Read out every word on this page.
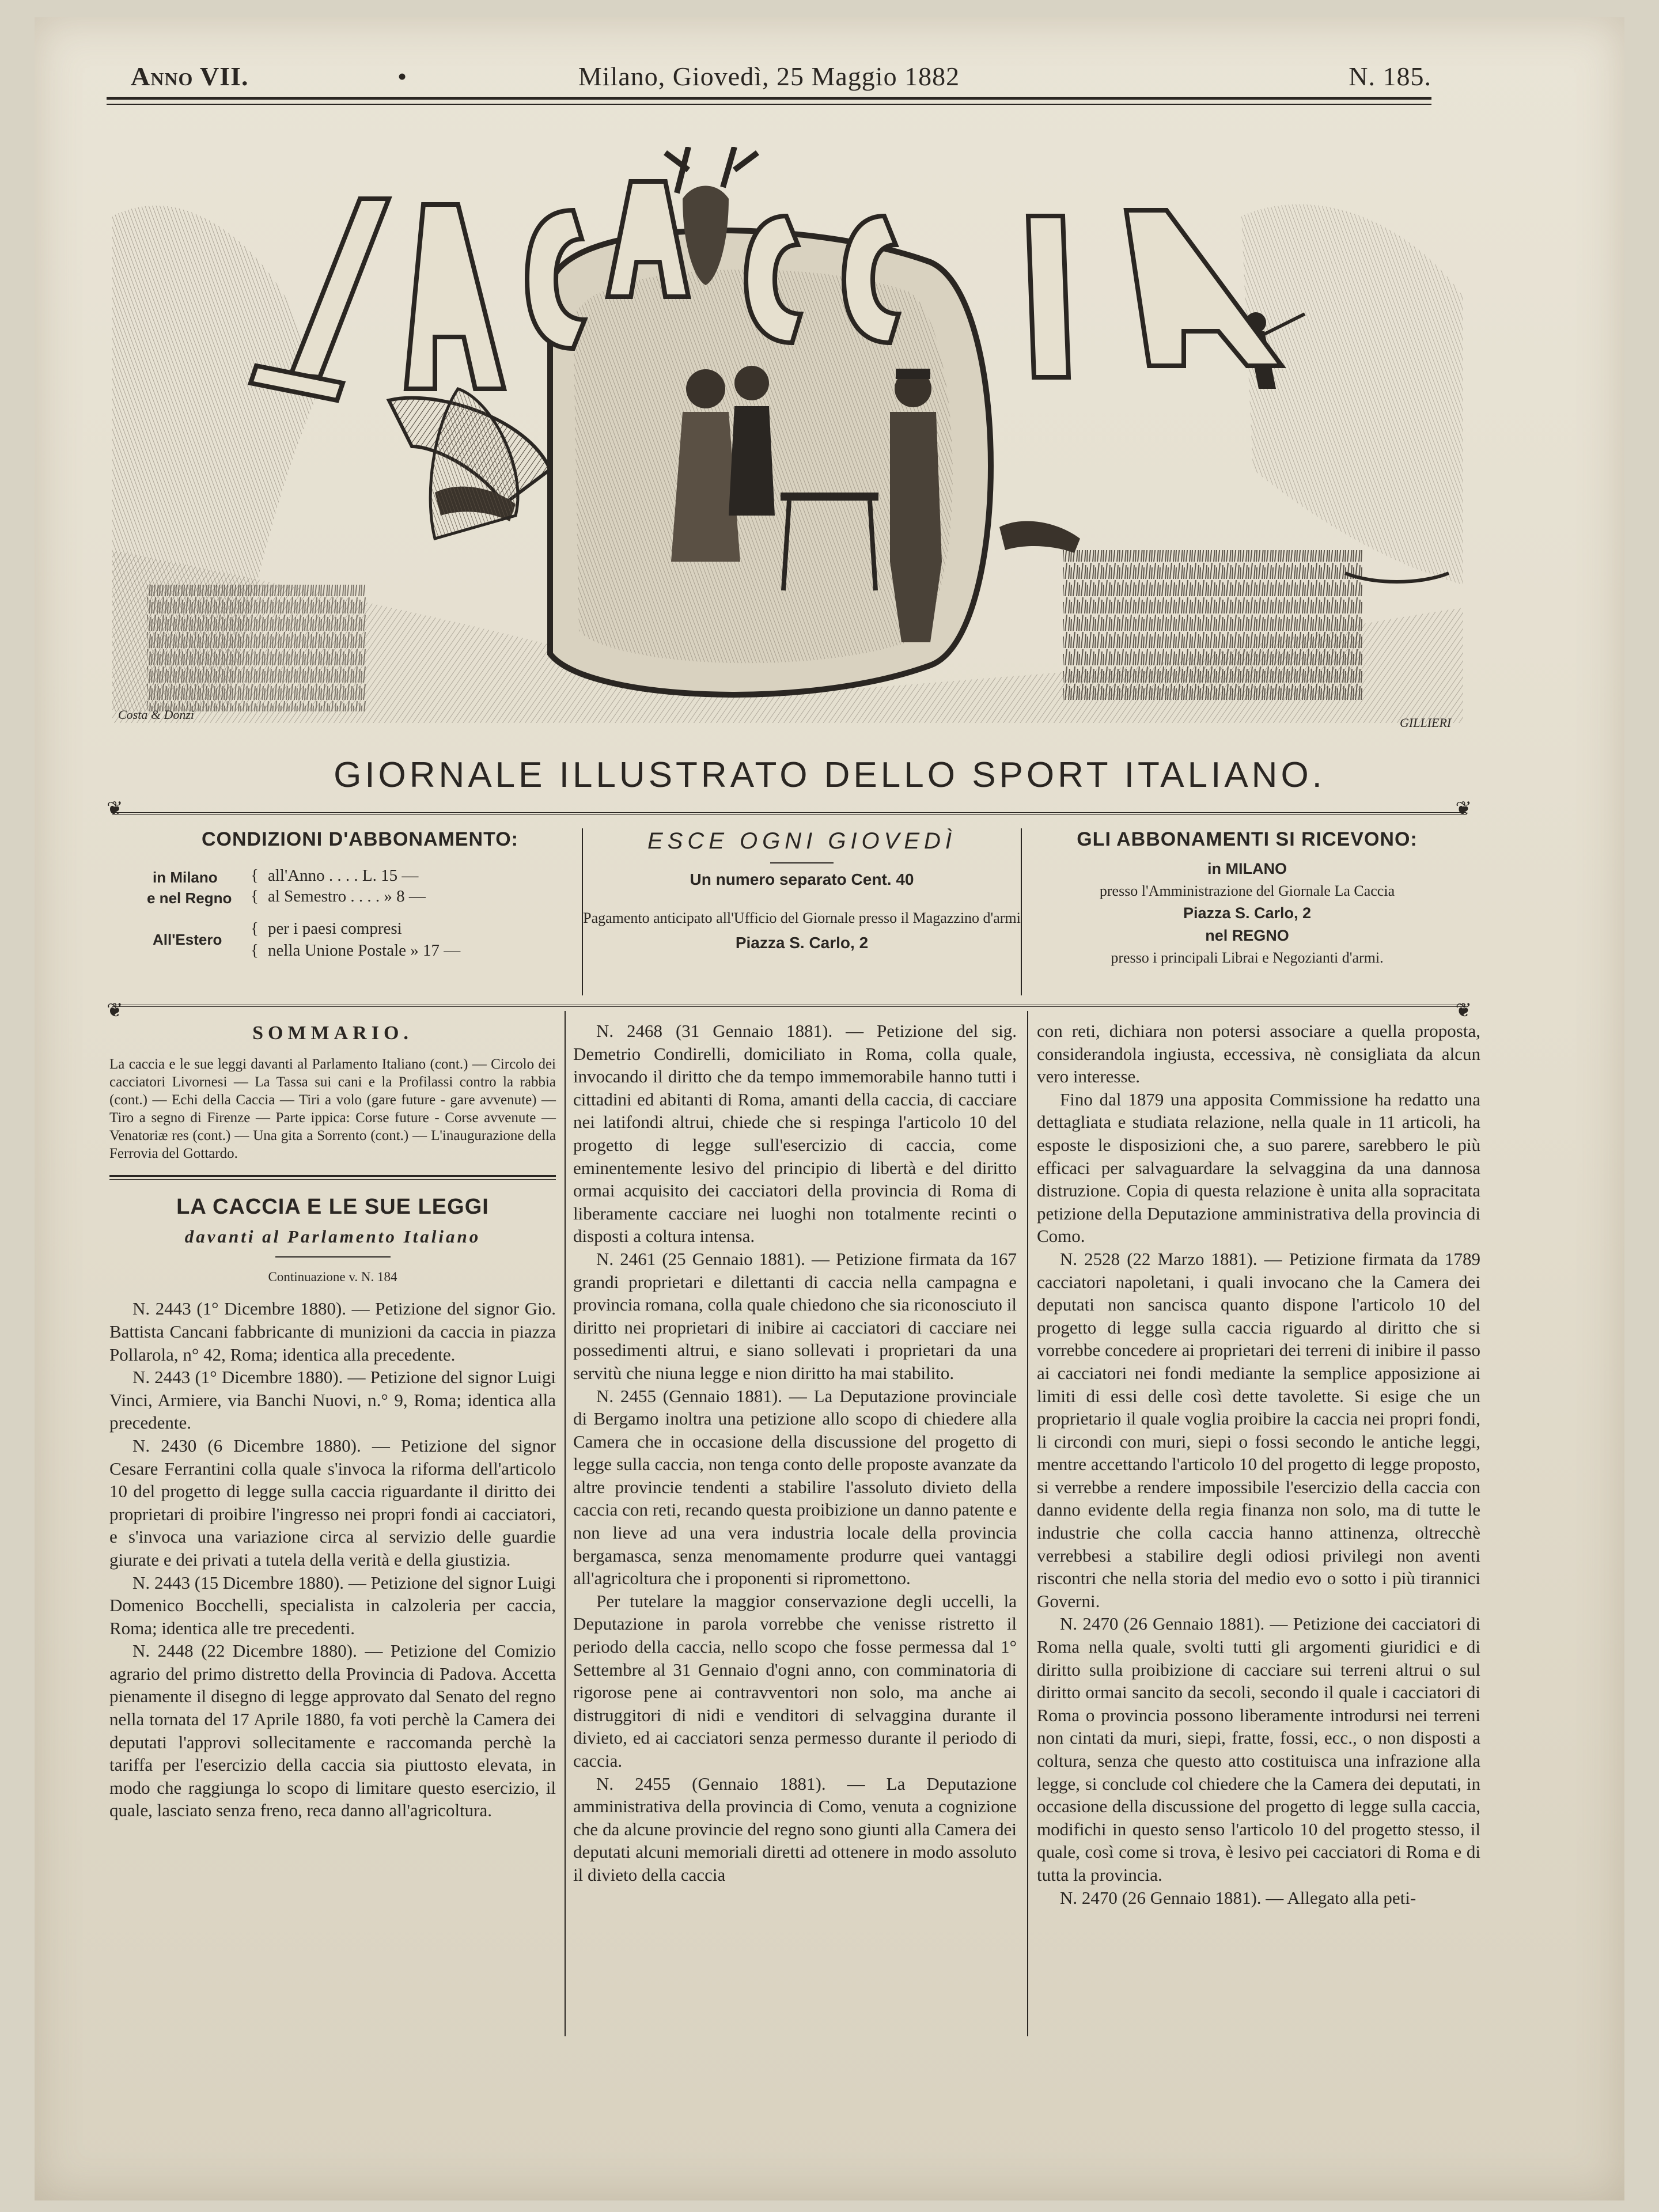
Anno VII.	•	Milano, Giovedì, 25 Maggio 1882	N. 185.
Costa & Donzi
GILLIERI
GIORNALE ILLUSTRATO DELLO SPORT ITALIANO.
❦	❦
❦	❦
CONDIZIONI D'ABBONAMENTO:
in Milano
e nel Regno
{
{
all'Anno . . . . L. 15 —
al Semestro . . . . » 8 —
All'Estero
{
{
per i paesi compresi
nella Unione Postale » 17 —
ESCE OGNI GIOVEDÌ
Un numero separato Cent. 40
Pagamento anticipato all'Ufficio del Giornale presso il Magazzino d'armi
Piazza S. Carlo, 2
GLI ABBONAMENTI SI RICEVONO:
in MILANO
presso l'Amministrazione del Giornale La Caccia
Piazza S. Carlo, 2
nel REGNO
presso i principali Librai e Negozianti d'armi.
SOMMARIO.

La caccia e le sue leggi davanti al Parlamento Italiano (cont.) — Circolo dei cacciatori Livornesi — La Tassa sui cani e la Profilassi contro la rabbia (cont.) — Echi della Caccia — Tiri a volo (gare future - gare avvenute) — Tiro a segno di Firenze — Parte ippica: Corse future - Corse avvenute — Venatoriæ res (cont.) — Una gita a Sorrento (cont.) — L'inaugurazione della Ferrovia del Gottardo.

LA CACCIA E LE SUE LEGGI
davanti al Parlamento Italiano
Continuazione v. N. 184

N. 2443 (1° Dicembre 1880). — Petizione del signor Gio. Battista Cancani fabbricante di munizioni da caccia in piazza Pollarola, n° 42, Roma; identica alla precedente.

N. 2443 (1° Dicembre 1880). — Petizione del signor Luigi Vinci, Armiere, via Banchi Nuovi, n.° 9, Roma; identica alla precedente.

N. 2430 (6 Dicembre 1880). — Petizione del signor Cesare Ferrantini colla quale s'invoca la riforma dell'articolo 10 del progetto di legge sulla caccia riguardante il diritto dei proprietari di proibire l'ingresso nei propri fondi ai cacciatori, e s'invoca una variazione circa al servizio delle guardie giurate e dei privati a tutela della verità e della giustizia.

N. 2443 (15 Dicembre 1880). — Petizione del signor Luigi Domenico Bocchelli, specialista in calzoleria per caccia, Roma; identica alle tre precedenti.

N. 2448 (22 Dicembre 1880). — Petizione del Comizio agrario del primo distretto della Provincia di Padova. Accetta pienamente il disegno di legge approvato dal Senato del regno nella tornata del 17 Aprile 1880, fa voti perchè la Camera dei deputati l'approvi sollecitamente e raccomanda perchè la tariffa per l'esercizio della caccia sia piuttosto elevata, in modo che raggiunga lo scopo di limitare questo esercizio, il quale, lasciato senza freno, reca danno all'agricoltura.

N. 2468 (31 Gennaio 1881). — Petizione del sig. Demetrio Condirelli, domiciliato in Roma, colla quale, invocando il diritto che da tempo immemorabile hanno tutti i cittadini ed abitanti di Roma, amanti della caccia, di cacciare nei latifondi altrui, chiede che si respinga l'articolo 10 del progetto di legge sull'esercizio di caccia, come eminentemente lesivo del principio di libertà e del diritto ormai acquisito dei cacciatori della provincia di Roma di liberamente cacciare nei luoghi non totalmente recinti o disposti a coltura intensa.

N. 2461 (25 Gennaio 1881). — Petizione firmata da 167 grandi proprietari e dilettanti di caccia nella campagna e provincia romana, colla quale chiedono che sia riconosciuto il diritto nei proprietari di inibire ai cacciatori di cacciare nei possedimenti altrui, e siano sollevati i proprietari da una servitù che niuna legge e nion diritto ha mai stabilito.

N. 2455 (Gennaio 1881). — La Deputazione provinciale di Bergamo inoltra una petizione allo scopo di chiedere alla Camera che in occasione della discussione del progetto di legge sulla caccia, non tenga conto delle proposte avanzate da altre provincie tendenti a stabilire l'assoluto divieto della caccia con reti, recando questa proibizione un danno patente e non lieve ad una vera industria locale della provincia bergamasca, senza menomamente produrre quei vantaggi all'agricoltura che i proponenti si ripromettono.

Per tutelare la maggior conservazione degli uccelli, la Deputazione in parola vorrebbe che venisse ristretto il periodo della caccia, nello scopo che fosse permessa dal 1° Settembre al 31 Gennaio d'ogni anno, con comminatoria di rigorose pene ai contravventori non solo, ma anche ai distruggitori di nidi e venditori di selvaggina durante il divieto, ed ai cacciatori senza permesso durante il periodo di caccia.

N. 2455 (Gennaio 1881). — La Deputazione amministrativa della provincia di Como, venuta a cognizione che da alcune provincie del regno sono giunti alla Camera dei deputati alcuni memoriali diretti ad ottenere in modo assoluto il divieto della caccia

con reti, dichiara non potersi associare a quella proposta, considerandola ingiusta, eccessiva, nè consigliata da alcun vero interesse.

Fino dal 1879 una apposita Commissione ha redatto una dettagliata e studiata relazione, nella quale in 11 articoli, ha esposte le disposizioni che, a suo parere, sarebbero le più efficaci per salvaguardare la selvaggina da una dannosa distruzione. Copia di questa relazione è unita alla sopracitata petizione della Deputazione amministrativa della provincia di Como.

N. 2528 (22 Marzo 1881). — Petizione firmata da 1789 cacciatori napoletani, i quali invocano che la Camera dei deputati non sancisca quanto dispone l'articolo 10 del progetto di legge sulla caccia riguardo al diritto che si vorrebbe concedere ai proprietari dei terreni di inibire il passo ai cacciatori nei fondi mediante la semplice apposizione ai limiti di essi delle così dette tavolette. Si esige che un proprietario il quale voglia proibire la caccia nei propri fondi, li circondi con muri, siepi o fossi secondo le antiche leggi, mentre accettando l'articolo 10 del progetto di legge proposto, si verrebbe a rendere impossibile l'esercizio della caccia con danno evidente della regia finanza non solo, ma di tutte le industrie che colla caccia hanno attinenza, oltrecchè verrebbesi a stabilire degli odiosi privilegi non aventi riscontri che nella storia del medio evo o sotto i più tirannici Governi.

N. 2470 (26 Gennaio 1881). — Petizione dei cacciatori di Roma nella quale, svolti tutti gli argomenti giuridici e di diritto sulla proibizione di cacciare sui terreni altrui o sul diritto ormai sancito da secoli, secondo il quale i cacciatori di Roma o provincia possono liberamente introdursi nei terreni non cintati da muri, siepi, fratte, fossi, ecc., o non disposti a coltura, senza che questo atto costituisca una infrazione alla legge, si conclude col chiedere che la Camera dei deputati, in occasione della discussione del progetto di legge sulla caccia, modifichi in questo senso l'articolo 10 del progetto stesso, il quale, così come si trova, è lesivo pei cacciatori di Roma e di tutta la provincia.

N. 2470 (26 Gennaio 1881). — Allegato alla peti-
